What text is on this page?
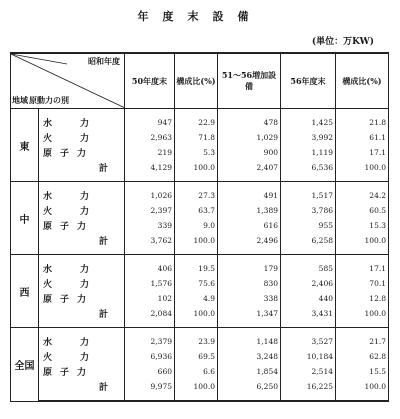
年度末設備
(単位：万KW)
昭和年度
原動力の別
地域		50年度末	構成比(%)	51～56増加設備	56年度末	構成比(%)
東	水力	947	22.9	478	1,425	21.8
	火力	2,963	71.8	1,029	3,992	61.1
	原子力	219	5.3	900	1,119	17.1
	計	4,129	100.0	2,407	6,536	100.0
中	水力	1,026	27.3	491	1,517	24.2
	火力	2,397	63.7	1,389	3,786	60.5
	原子力	339	9.0	616	955	15.3
	計	3,762	100.0	2,496	6,258	100.0
西	水力	406	19.5	179	585	17.1
	火力	1,576	75.6	830	2,406	70.1
	原子力	102	4.9	338	440	12.8
	計	2,084	100.0	1,347	3,431	100.0
全国	水力	2,379	23.9	1,148	3,527	21.7
	火力	6,936	69.5	3,248	10,184	62.8
	原子力	660	6.6	1,854	2,514	15.5
	計	9,975	100.0	6,250	16,225	100.0
